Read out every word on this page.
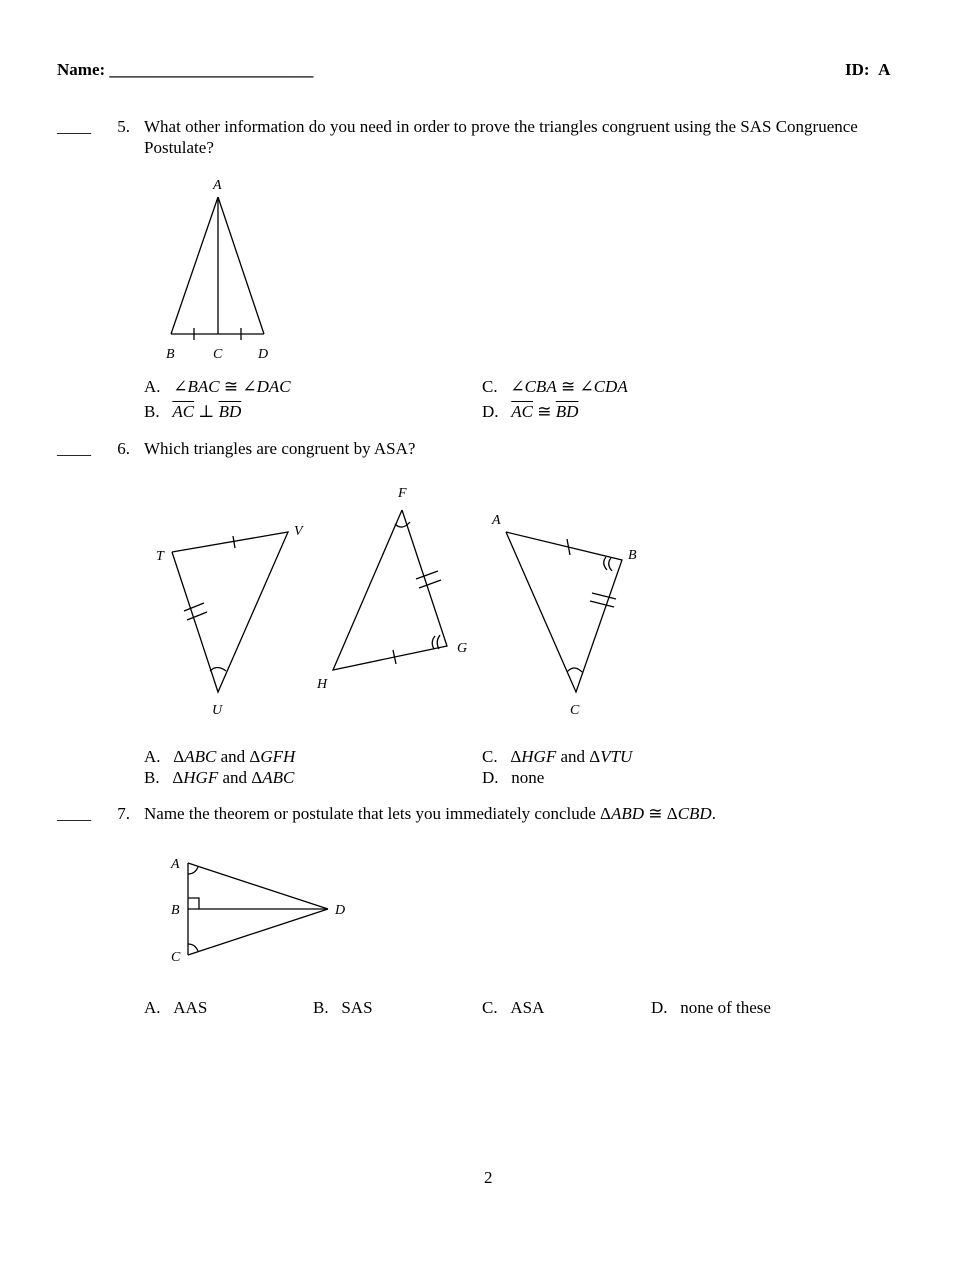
Name: ________________________	ID: A
____	5. What other information do you need in order to prove the triangles congruent using the SAS Congruence
Postulate?
A
B	C	D
A. ∠BAC ≅ ∠DAC
B. $\overline{AC}$ ⊥ $\overline{BD}$
C. ∠CBA ≅ ∠CDA
D. $\overline{AC}$ ≅ $\overline{BD}$
____	6. Which triangles are congruent by ASA?
T
V
U
F
G
H
A
B
C
A. ΔABC and ΔGFH
B. ΔHGF and ΔABC
C. ΔHGF and ΔVTU
D. none
____	7. Name the theorem or postulate that lets you immediately conclude ΔABD ≅ ΔCBD.
A
B
C
D
A. AAS	B. SAS	C. ASA	D. none of these
2
